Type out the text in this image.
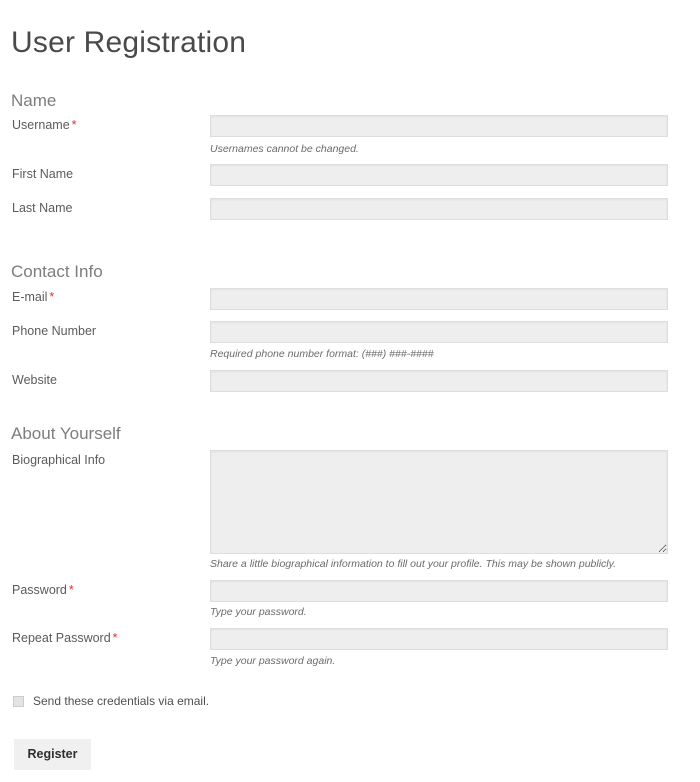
User Registration
Name
Username *
Usernames cannot be changed.
First Name
Last Name
Contact Info
E-mail *
Phone Number
Required phone number format: (###) ###-####
Website
About Yourself
Biographical Info
Share a little biographical information to fill out your profile. This may be shown publicly.
Password *
Type your password.
Repeat Password *
Type your password again.
Send these credentials via email.
Register
